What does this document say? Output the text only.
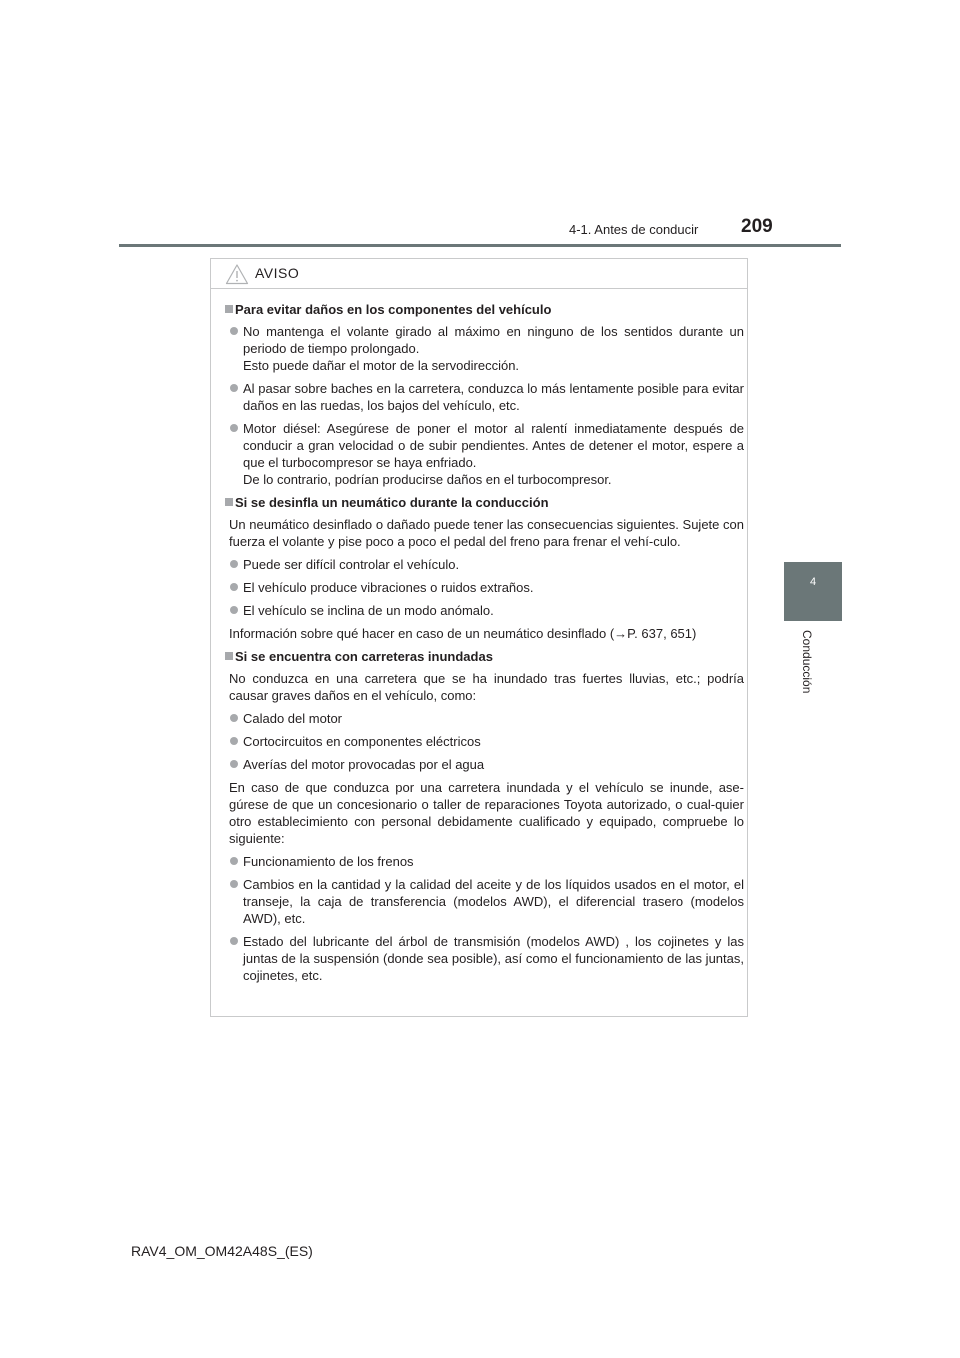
4-1. Antes de conducir 209
4
Conducción
AVISO
Para evitar daños en los componentes del vehículo
No mantenga el volante girado al máximo en ninguno de los sentidos durante un periodo de tiempo prolongado.
Esto puede dañar el motor de la servodirección.
Al pasar sobre baches en la carretera, conduzca lo más lentamente posible para evitar daños en las ruedas, los bajos del vehículo, etc.
Motor diésel: Asegúrese de poner el motor al ralentí inmediatamente después de conducir a gran velocidad o de subir pendientes. Antes de detener el motor, espere a que el turbocompresor se haya enfriado.
De lo contrario, podrían producirse daños en el turbocompresor.
Si se desinfla un neumático durante la conducción
Un neumático desinflado o dañado puede tener las consecuencias siguientes. Sujete con fuerza el volante y pise poco a poco el pedal del freno para frenar el vehí-culo.
Puede ser difícil controlar el vehículo.
El vehículo produce vibraciones o ruidos extraños.
El vehículo se inclina de un modo anómalo.
Información sobre qué hacer en caso de un neumático desinflado (→P. 637, 651)
Si se encuentra con carreteras inundadas
No conduzca en una carretera que se ha inundado tras fuertes lluvias, etc.; podría causar graves daños en el vehículo, como:
Calado del motor
Cortocircuitos en componentes eléctricos
Averías del motor provocadas por el agua
En caso de que conduzca por una carretera inundada y el vehículo se inunde, ase-gúrese de que un concesionario o taller de reparaciones Toyota autorizado, o cual-quier otro establecimiento con personal debidamente cualificado y equipado, compruebe lo siguiente:
Funcionamiento de los frenos
Cambios en la cantidad y la calidad del aceite y de los líquidos usados en el motor, el transeje, la caja de transferencia (modelos AWD), el diferencial trasero (modelos AWD), etc.
Estado del lubricante del árbol de transmisión (modelos AWD) , los cojinetes y las juntas de la suspensión (donde sea posible), así como el funcionamiento de las juntas, cojinetes, etc.
RAV4_OM_OM42A48S_(ES)
